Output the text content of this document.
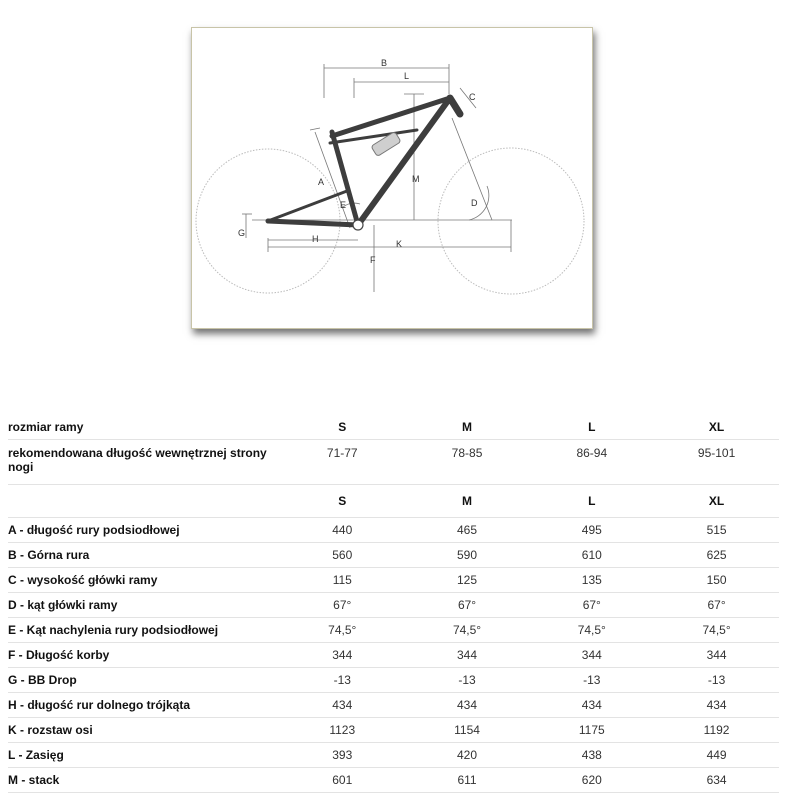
B
L
C
M
A
D
E
G
H	K
F
rozmiar ramy	S	M	L	XL
rekomendowana długość wewnętrznej strony nogi	71-77	78-85	86-94	95-101
	S	M	L	XL
A - długość rury podsiodłowej	440	465	495	515
B - Górna rura	560	590	610	625
C - wysokość główki ramy	115	125	135	150
D - kąt główki ramy	67°	67°	67°	67°
E - Kąt nachylenia rury podsiodłowej	74,5°	74,5°	74,5°	74,5°
F - Długość korby	344	344	344	344
G - BB Drop	-13	-13	-13	-13
H - długość rur dolnego trójkąta	434	434	434	434
K - rozstaw osi	1123	1154	1175	1192
L - Zasięg	393	420	438	449
M - stack	601	611	620	634
